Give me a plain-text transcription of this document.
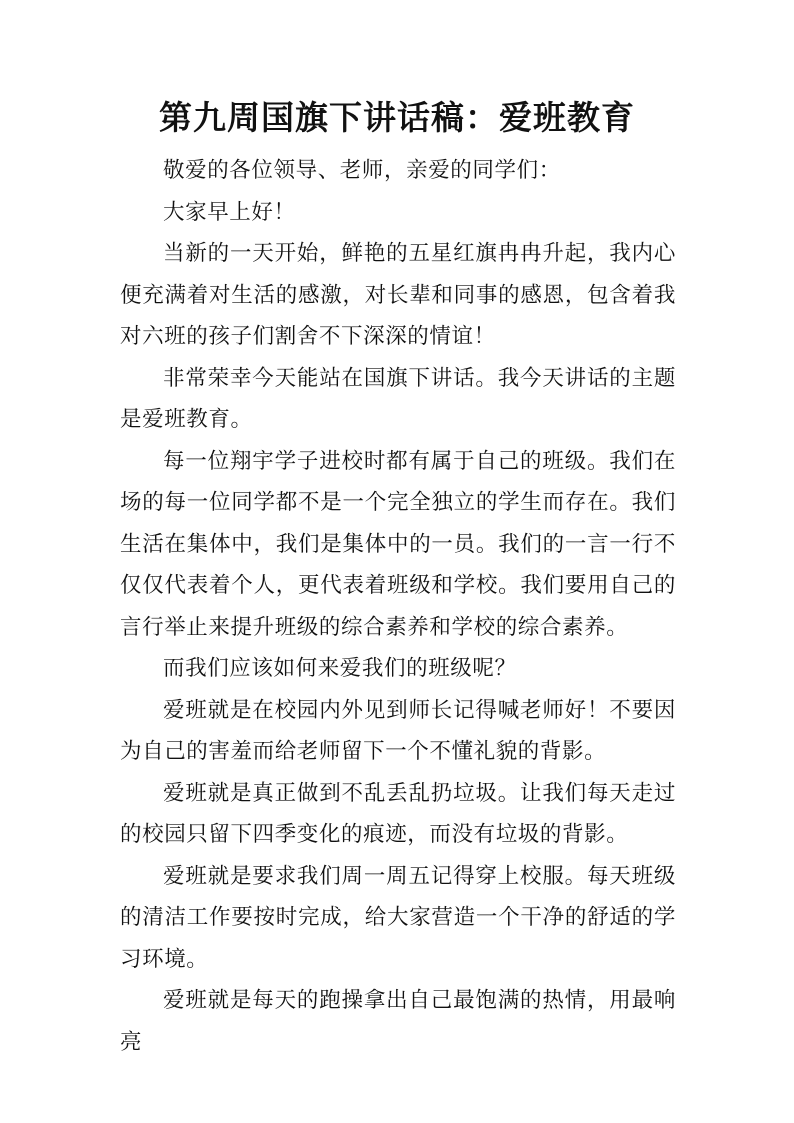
第九周国旗下讲话稿：爱班教育

敬爱的各位领导、老师，亲爱的同学们：

大家早上好！

当新的一天开始，鲜艳的五星红旗冉冉升起，我内心便充满着对生活的感激，对长辈和同事的感恩，包含着我对六班的孩子们割舍不下深深的情谊！

非常荣幸今天能站在国旗下讲话。我今天讲话的主题是爱班教育。

每一位翔宇学子进校时都有属于自己的班级。我们在场的每一位同学都不是一个完全独立的学生而存在。我们生活在集体中，我们是集体中的一员。我们的一言一行不仅仅代表着个人，更代表着班级和学校。我们要用自己的言行举止来提升班级的综合素养和学校的综合素养。

而我们应该如何来爱我们的班级呢？

爱班就是在校园内外见到师长记得喊老师好！不要因为自己的害羞而给老师留下一个不懂礼貌的背影。

爱班就是真正做到不乱丢乱扔垃圾。让我们每天走过的校园只留下四季变化的痕迹，而没有垃圾的背影。

爱班就是要求我们周一周五记得穿上校服。每天班级的清洁工作要按时完成，给大家营造一个干净的舒适的学习环境。

爱班就是每天的跑操拿出自己最饱满的热情，用最响亮
